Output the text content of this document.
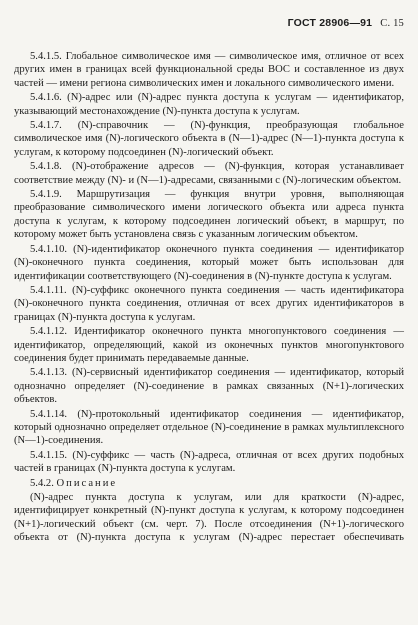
ГОСТ 28906—91 С. 15

5.4.1.5. Глобальное символическое имя — символическое имя, отличное от всех других имен в границах всей функциональной среды ВОС и составленное из двух частей — имени региона символических имен и локального символического имени.

5.4.1.6. (N)-адрес или (N)-адрес пункта доступа к услугам — идентификатор, указывающий местонахождение (N)-пункта доступа к услугам.

5.4.1.7. (N)-справочник — (N)-функция, преобразующая глобальное символическое имя (N)-логического объекта в (N—1)-адрес (N—1)-пункта доступа к услугам, к которому подсоединен (N)-логический объект.

5.4.1.8. (N)-отображение адресов — (N)-функция, которая устанавливает соответствие между (N)- и (N—1)-адресами, связанными с (N)-логическим объектом.

5.4.1.9. Маршрутизация — функция внутри уровня, выполняющая преобразование символического имени логического объекта или адреса пункта доступа к услугам, к которому подсоединен логический объект, в маршрут, по которому может быть установлена связь с указанным логическим объектом.

5.4.1.10. (N)-идентификатор оконечного пункта соединения — идентификатор (N)-оконечного пункта соединения, который может быть использован для идентификации соответствующего (N)-соединения в (N)-пункте доступа к услугам.

5.4.1.11. (N)-суффикс оконечного пункта соединения — часть идентификатора (N)-оконечного пункта соединения, отличная от всех других идентификаторов в границах (N)-пункта доступа к услугам.

5.4.1.12. Идентификатор оконечного пункта многопунктового соединения — идентификатор, определяющий, какой из оконечных пунктов многопунктового соединения будет принимать передаваемые данные.

5.4.1.13. (N)-сервисный идентификатор соединения — идентификатор, который однозначно определяет (N)-соединение в рамках связанных (N+1)-логических объектов.

5.4.1.14. (N)-протокольный идентификатор соединения — идентификатор, который однозначно определяет отдельное (N)-соединение в рамках мультиплексного (N—1)-соединения.

5.4.1.15. (N)-суффикс — часть (N)-адреса, отличная от всех других подобных частей в границах (N)-пункта доступа к услугам.

5.4.2. Описание

(N)-адрес пункта доступа к услугам, или для краткости (N)-адрес, идентифицирует конкретный (N)-пункт доступа к услугам, к которому подсоединен (N+1)-логический объект (см. черт. 7). После отсоединения (N+1)-логического объекта от (N)-пункта доступа к услугам (N)-адрес перестает обеспечивать
